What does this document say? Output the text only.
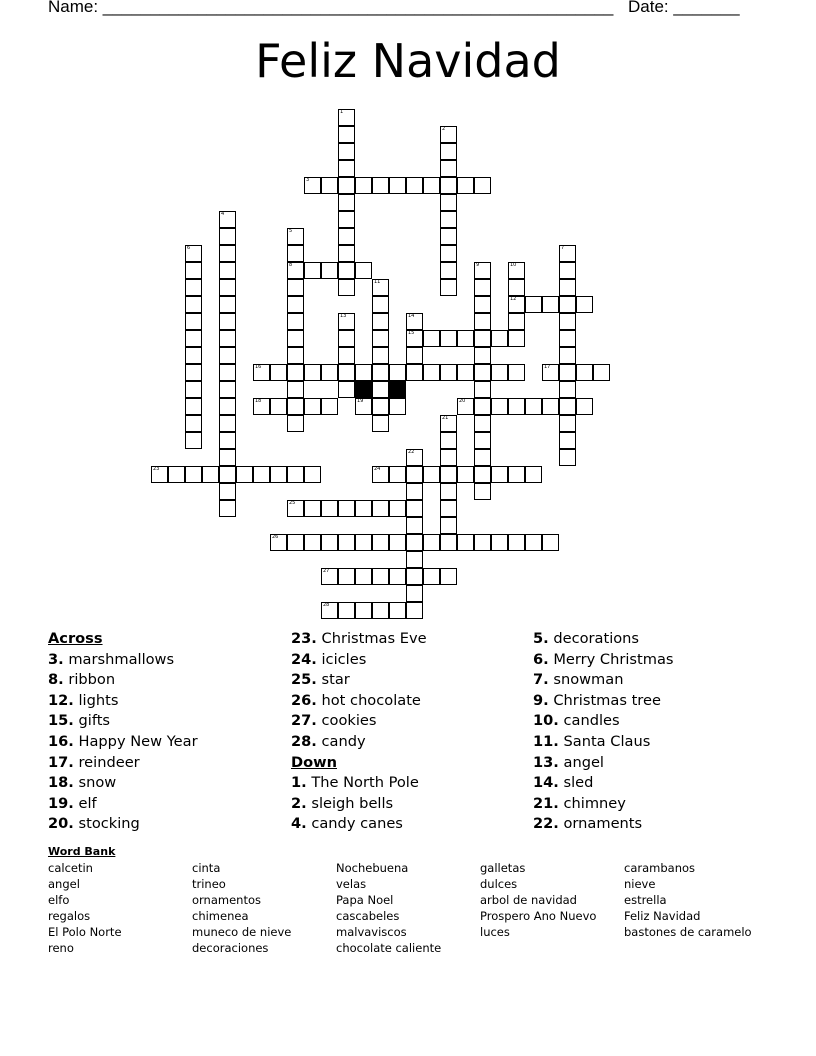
Name: ______________________________________________________ Date: _______
Feliz Navidad
1
2
3
4
5
6	7
8	9	10
11
12
13	14
15
16	17
18	19	20
21
22
23	24
25
26
27
28
Across
3. marshmallows
8. ribbon
12. lights
15. gifts
16. Happy New Year
17. reindeer
18. snow
19. elf
20. stocking
23. Christmas Eve
24. icicles
25. star
26. hot chocolate
27. cookies
28. candy
Down
1. The North Pole
2. sleigh bells
4. candy canes
5. decorations
6. Merry Christmas
7. snowman
9. Christmas tree
10. candles
11. Santa Claus
13. angel
14. sled
21. chimney
22. ornaments
Word Bank
calcetin
angel
elfo
regalos
El Polo Norte
reno
cinta
trineo
ornamentos
chimenea
muneco de nieve
decoraciones
Nochebuena
velas
Papa Noel
cascabeles
malvaviscos
chocolate caliente
galletas
dulces
arbol de navidad
Prospero Ano Nuevo
luces
carambanos
nieve
estrella
Feliz Navidad
bastones de caramelo
